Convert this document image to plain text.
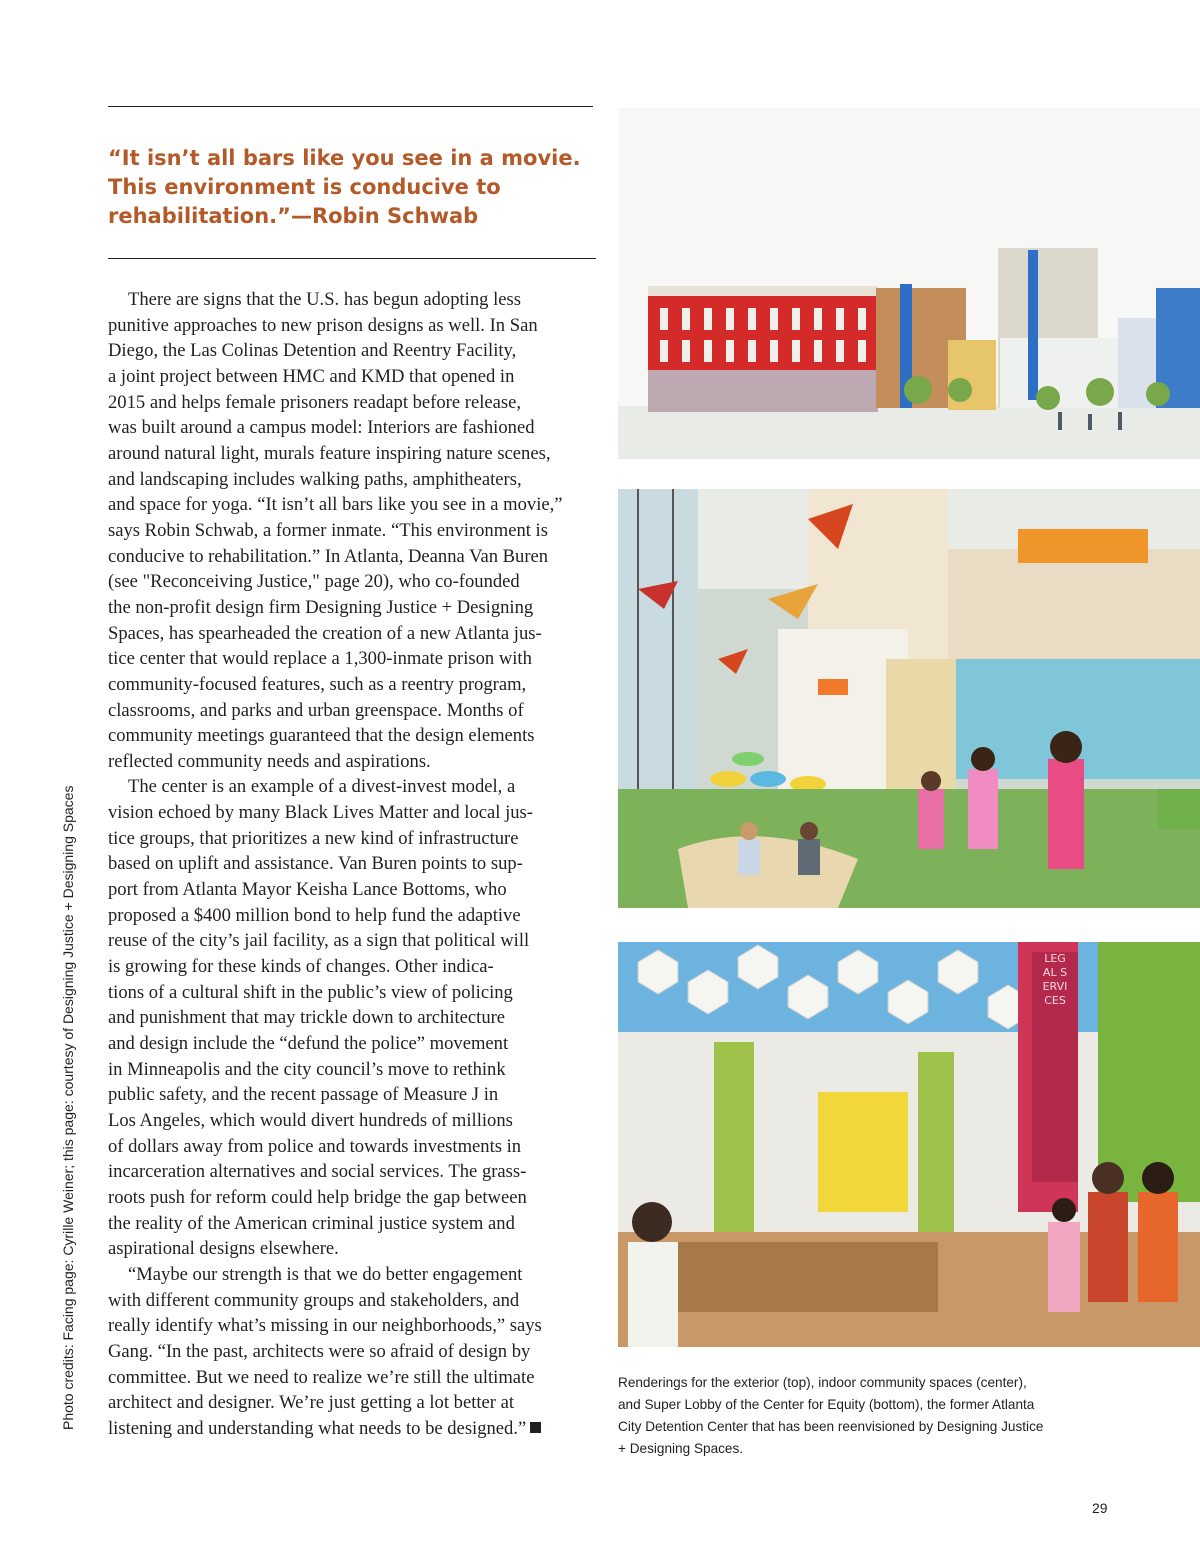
“It isn’t all bars like you see in a movie.
This environment is conducive to
rehabilitation.”—Robin Schwab
There are signs that the U.S. has begun adopting less
punitive approaches to new prison designs as well. In San
Diego, the Las Colinas Detention and Reentry Facility,
a joint project between HMC and KMD that opened in
2015 and helps female prisoners readapt before release,
was built around a campus model: Interiors are fashioned
around natural light, murals feature inspiring nature scenes,
and landscaping includes walking paths, amphitheaters,
and space for yoga. “It isn’t all bars like you see in a movie,”
says Robin Schwab, a former inmate. “This environment is
conducive to rehabilitation.” In Atlanta, Deanna Van Buren
(see "Reconceiving Justice," page 20), who co-founded
the non-profit design firm Designing Justice + Designing
Spaces, has spearheaded the creation of a new Atlanta jus-
tice center that would replace a 1,300-inmate prison with
community-focused features, such as a reentry program,
classrooms, and parks and urban greenspace. Months of
community meetings guaranteed that the design elements
reflected community needs and aspirations.
The center is an example of a divest-invest model, a
vision echoed by many Black Lives Matter and local jus-
tice groups, that prioritizes a new kind of infrastructure
based on uplift and assistance. Van Buren points to sup-
port from Atlanta Mayor Keisha Lance Bottoms, who
proposed a $400 million bond to help fund the adaptive
reuse of the city’s jail facility, as a sign that political will
is growing for these kinds of changes. Other indica-
tions of a cultural shift in the public’s view of policing
and punishment that may trickle down to architecture
and design include the “defund the police” movement
in Minneapolis and the city council’s move to rethink
public safety, and the recent passage of Measure J in
Los Angeles, which would divert hundreds of millions
of dollars away from police and towards investments in
incarceration alternatives and social services. The grass-
roots push for reform could help bridge the gap between
the reality of the American criminal justice system and
aspirational designs elsewhere.
“Maybe our strength is that we do better engagement
with different community groups and stakeholders, and
really identify what’s missing in our neighborhoods,” says
Gang. “In the past, architects were so afraid of design by
committee. But we need to realize we’re still the ultimate
architect and designer. We’re just getting a lot better at
listening and understanding what needs to be designed.”
Photo credits: Facing page: Cyrille Weiner; this page: courtesy of Designing Justice + Designing Spaces	LEGAL SERVICES
Renderings for the exterior (top), indoor community spaces (center),
and Super Lobby of the Center for Equity (bottom), the former Atlanta
City Detention Center that has been reenvisioned by Designing Justice
+ Designing Spaces.
29
